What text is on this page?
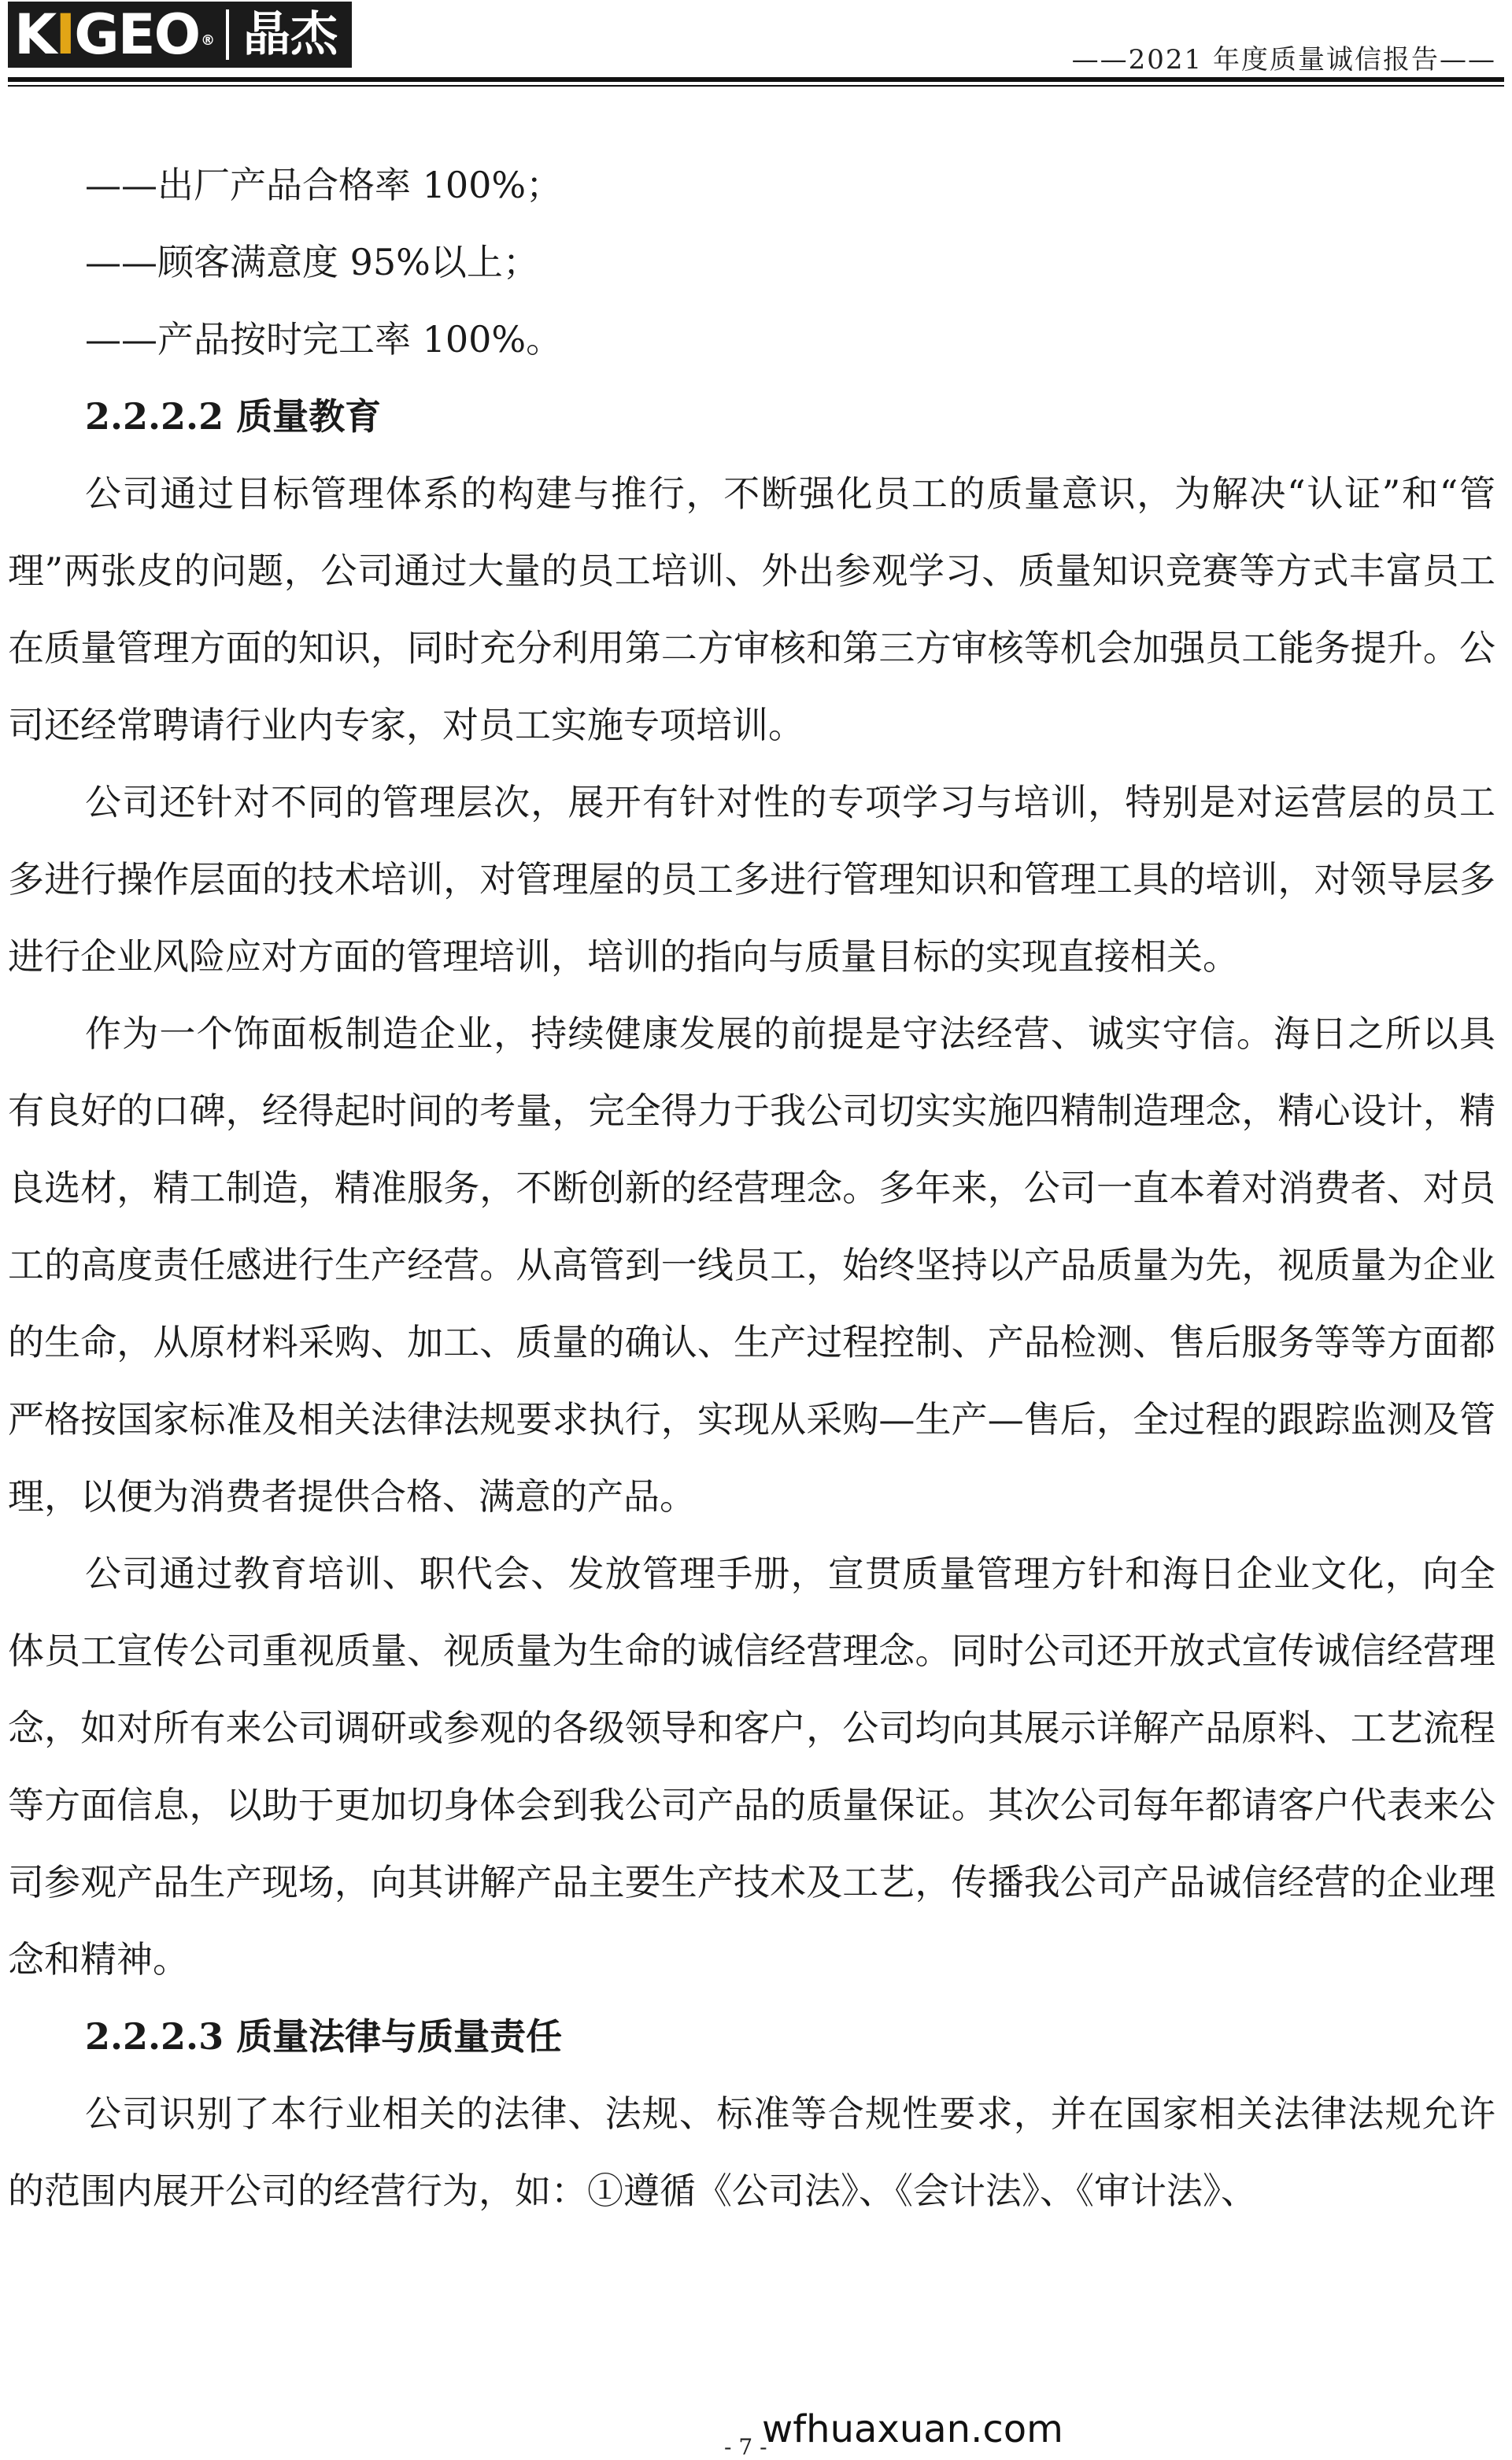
K I GEO ® 晶杰	——2021 年度质量诚信报告——

——出厂产品合格率 100%；

——顾客满意度 95%以上；

——产品按时完工率 100%。

2.2.2.2 质量教育

公司通过目标管理体系的构建与推行，不断强化员工的质量意识，为解决“认证”和“管理”两张皮的问题，公司通过大量的员工培训、外出参观学习、质量知识竞赛等方式丰富员工在质量管理方面的知识，同时充分利用第二方审核和第三方审核等机会加强员工能务提升。公司还经常聘请行业内专家，对员工实施专项培训。

公司还针对不同的管理层次，展开有针对性的专项学习与培训，特别是对运营层的员工多进行操作层面的技术培训，对管理屋的员工多进行管理知识和管理工具的培训，对领导层多进行企业风险应对方面的管理培训，培训的指向与质量目标的实现直接相关。

作为一个饰面板制造企业，持续健康发展的前提是守法经营、诚实守信。海日之所以具有良好的口碑，经得起时间的考量，完全得力于我公司切实实施四精制造理念，精心设计，精良选材，精工制造，精准服务，不断创新的经营理念。多年来，公司一直本着对消费者、对员工的高度责任感进行生产经营。从高管到一线员工，始终坚持以产品质量为先，视质量为企业的生命，从原材料采购、加工、质量的确认、生产过程控制、产品检测、售后服务等等方面都严格按国家标准及相关法律法规要求执行，实现从采购—生产—售后，全过程的跟踪监测及管理，以便为消费者提供合格、满意的产品。

公司通过教育培训、职代会、发放管理手册，宣贯质量管理方针和海日企业文化，向全体员工宣传公司重视质量、视质量为生命的诚信经营理念。同时公司还开放式宣传诚信经营理念，如对所有来公司调研或参观的各级领导和客户，公司均向其展示详解产品原料、工艺流程等方面信息，以助于更加切身体会到我公司产品的质量保证。其次公司每年都请客户代表来公司参观产品生产现场，向其讲解产品主要生产技术及工艺，传播我公司产品诚信经营的企业理念和精神。

2.2.2.3 质量法律与质量责任

公司识别了本行业相关的法律、法规、标准等合规性要求，并在国家相关法律法规允许的范围内展开公司的经营行为，如：①遵循《公司法》、《会计法》、《审计法》、

- 7 -
wfhuaxuan.com
